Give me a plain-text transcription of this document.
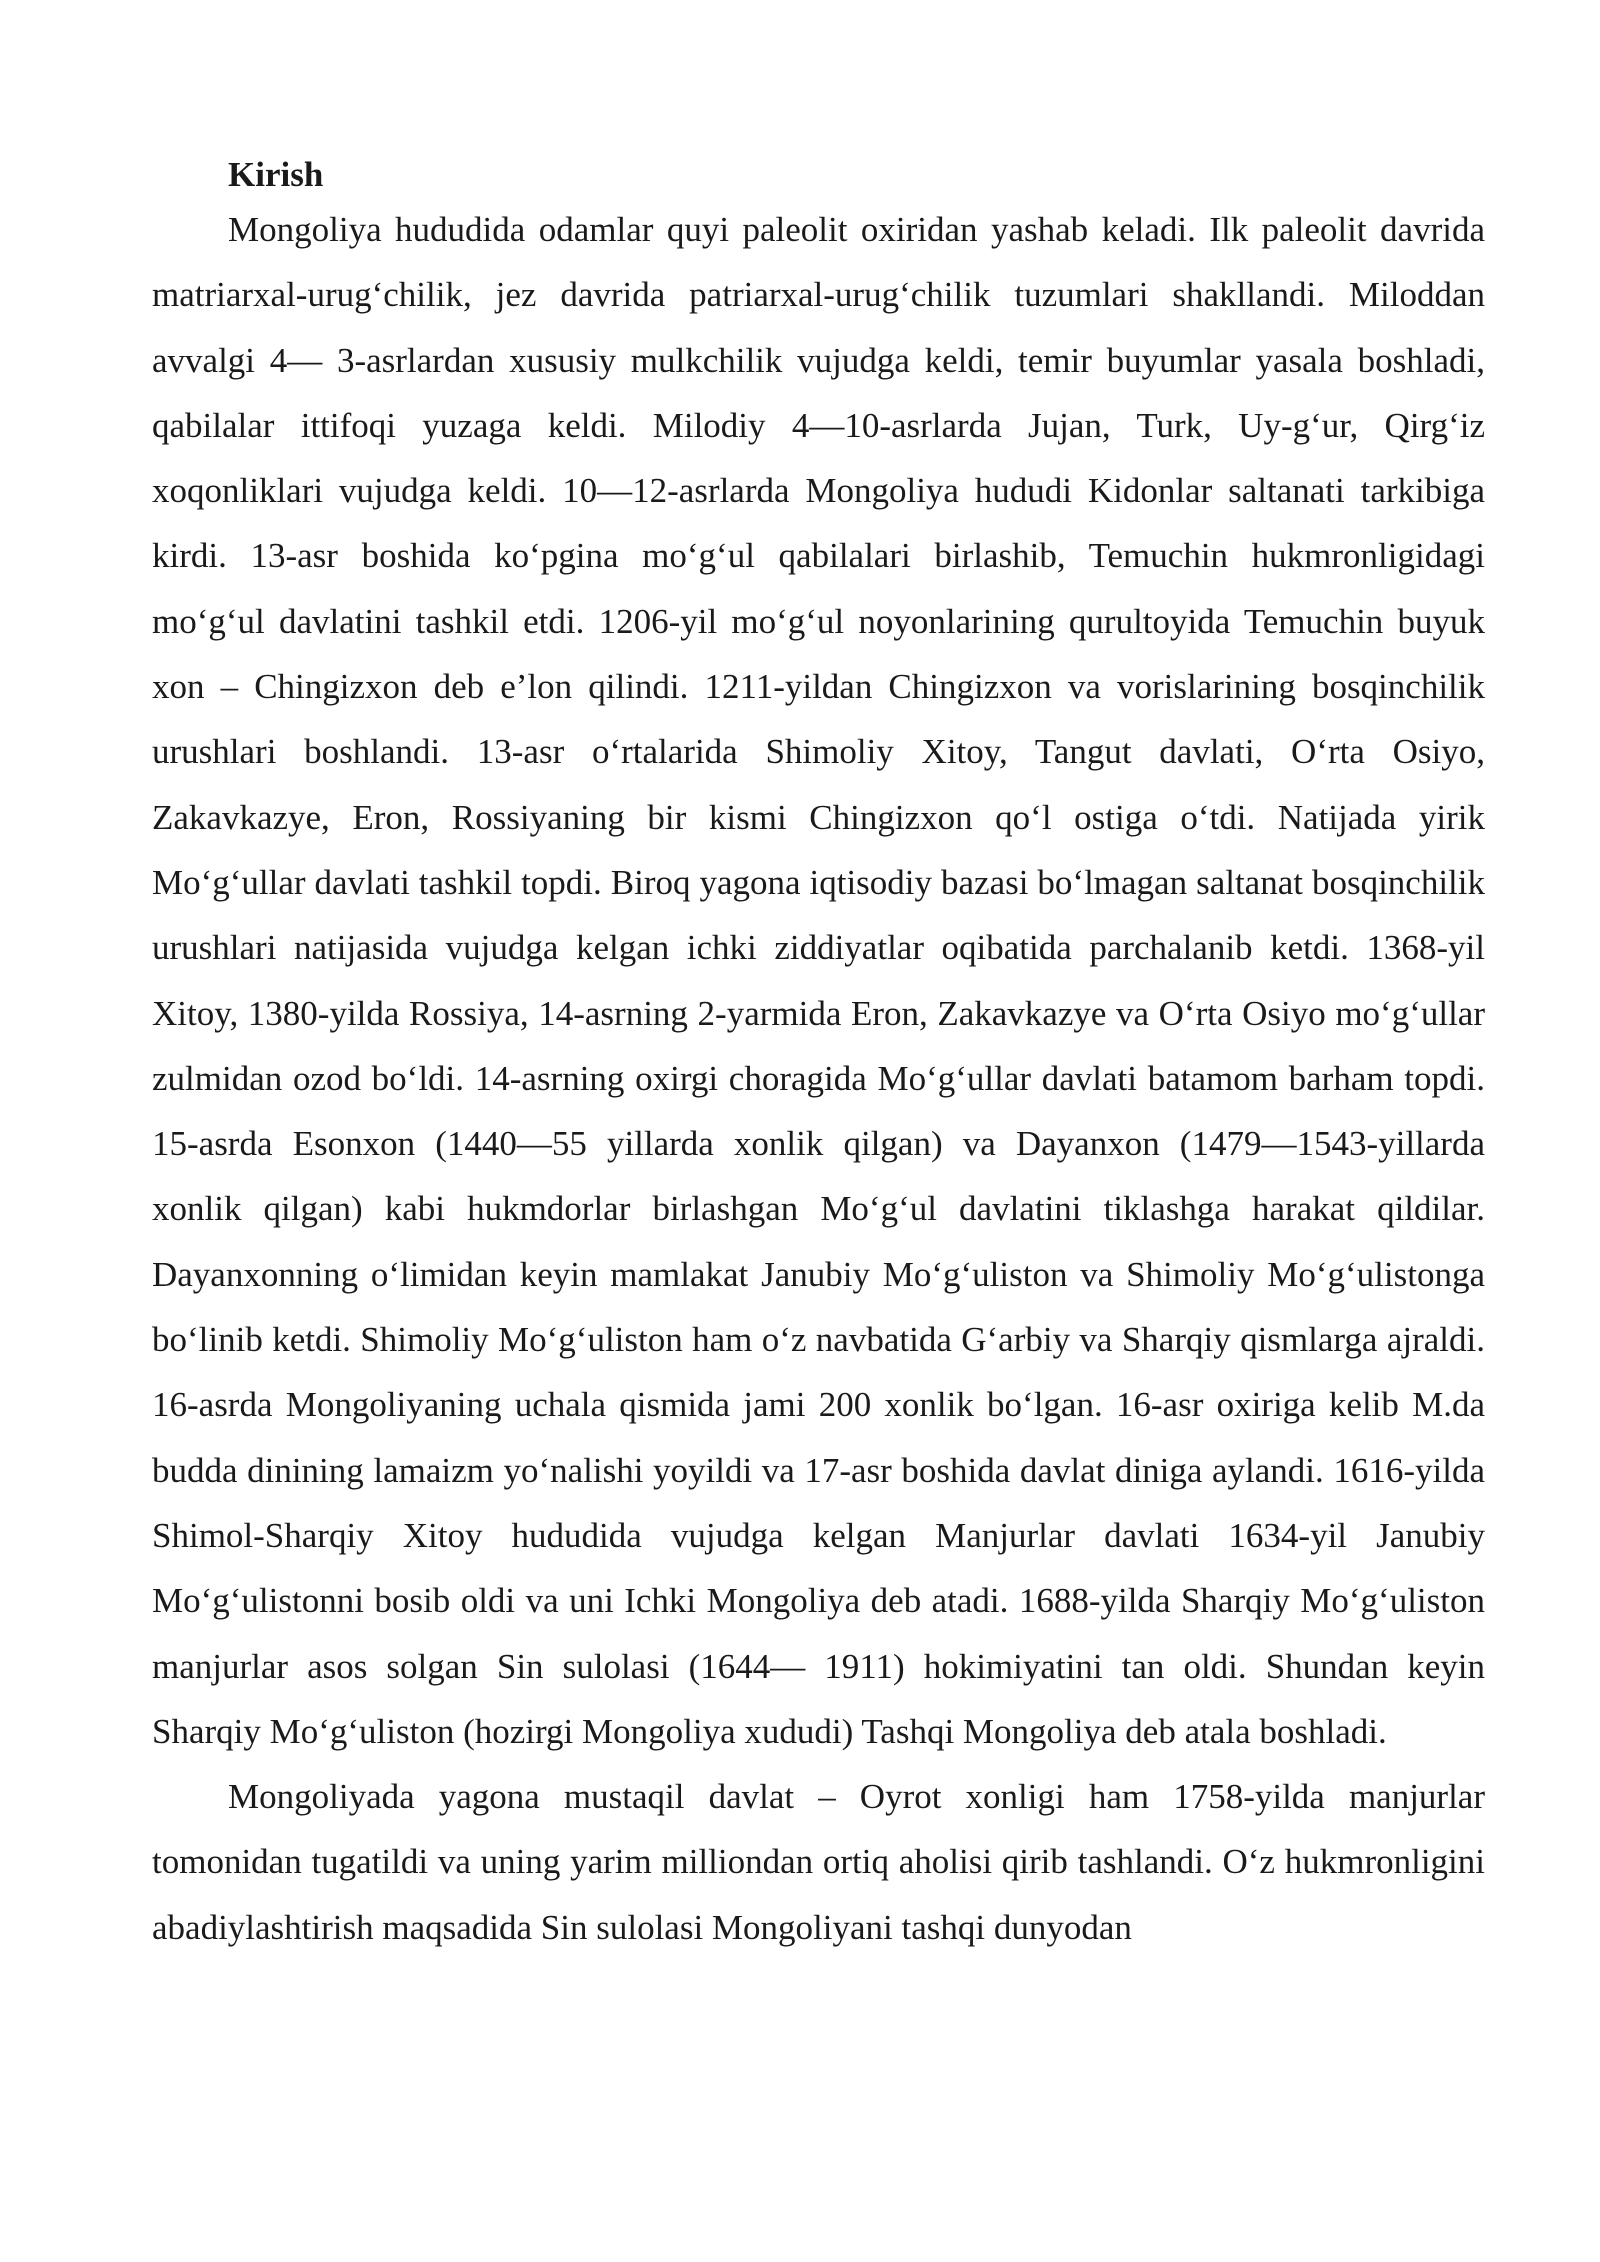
Kirish

Mongoliya hududida odamlar quyi paleolit oxiridan yashab keladi. Ilk paleolit davrida matriarxal-urug‘chilik, jez davrida patriarxal-urug‘chilik tuzumlari shakllandi. Miloddan avvalgi 4— 3-asrlardan xususiy mulkchilik vujudga keldi, temir buyumlar yasala boshladi, qabilalar ittifoqi yuzaga keldi. Milodiy 4—10-asrlarda Jujan, Turk, Uy-g‘ur, Qirg‘iz xoqonliklari vujudga keldi. 10—12-asrlarda Mongoliya hududi Kidonlar saltanati tarkibiga kirdi. 13-asr boshida ko‘pgina mo‘g‘ul qabilalari birlashib, Temuchin hukmronligidagi mo‘g‘ul davlatini tashkil etdi. 1206-yil mo‘g‘ul noyonlarining qurultoyida Temuchin buyuk xon – Chingizxon deb e’lon qilindi. 1211-yildan Chingizxon va vorislarining bosqinchilik urushlari boshlandi. 13-asr o‘rtalarida Shimoliy Xitoy, Tangut davlati, O‘rta Osiyo, Zakavkazye, Eron, Rossiyaning bir kismi Chingizxon qo‘l ostiga o‘tdi. Natijada yirik Mo‘g‘ullar davlati tashkil topdi. Biroq yagona iqtisodiy bazasi bo‘lmagan saltanat bosqinchilik urushlari natijasida vujudga kelgan ichki ziddiyatlar oqibatida parchalanib ketdi. 1368-yil Xitoy, 1380-yilda Rossiya, 14-asrning 2-yarmida Eron, Zakavkazye va O‘rta Osiyo mo‘g‘ullar zulmidan ozod bo‘ldi. 14-asrning oxirgi choragida Mo‘g‘ullar davlati batamom barham topdi. 15-asrda Esonxon (1440—55 yillarda xonlik qilgan) va Dayanxon (1479—1543-yillarda xonlik qilgan) kabi hukmdorlar birlashgan Mo‘g‘ul davlatini tiklashga harakat qildilar. Dayanxonning o‘limidan keyin mamlakat Janubiy Mo‘g‘uliston va Shimoliy Mo‘g‘ulistonga bo‘linib ketdi. Shimoliy Mo‘g‘uliston ham o‘z navbatida G‘arbiy va Sharqiy qismlarga ajraldi. 16-asrda Mongoliyaning uchala qismida jami 200 xonlik bo‘lgan. 16-asr oxiriga kelib M.da budda dinining lamaizm yo‘nalishi yoyildi va 17-asr boshida davlat diniga aylandi. 1616-yilda Shimol-Sharqiy Xitoy hududida vujudga kelgan Manjurlar davlati 1634-yil Janubiy Mo‘g‘ulistonni bosib oldi va uni Ichki Mongoliya deb atadi. 1688-yilda Sharqiy Mo‘g‘uliston manjurlar asos solgan Sin sulolasi (1644— 1911) hokimiyatini tan oldi. Shundan keyin Sharqiy Mo‘g‘uliston (hozirgi Mongoliya xududi) Tashqi Mongoliya deb atala boshladi.

Mongoliyada yagona mustaqil davlat – Oyrot xonligi ham 1758-yilda manjurlar tomonidan tugatildi va uning yarim milliondan ortiq aholisi qirib tashlandi. O‘z hukmronligini abadiylashtirish maqsadida Sin sulolasi Mongoliyani tashqi dunyodan
